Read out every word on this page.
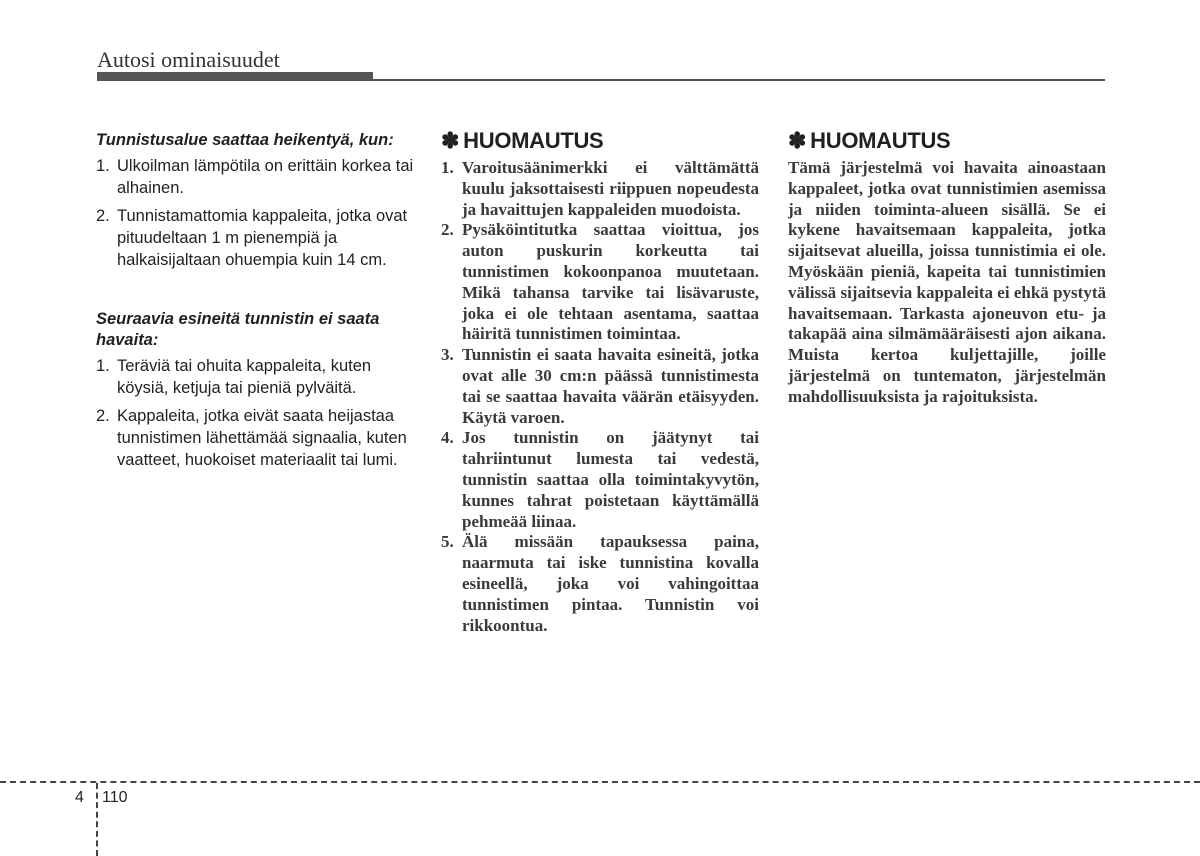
Autosi ominaisuudet
Tunnistusalue saattaa heikentyä, kun:
1. Ulkoilman lämpötila on erittäin korkea tai alhainen.
2. Tunnistamattomia kappaleita, jotka ovat pituudeltaan 1 m pienempiä ja halkaisijaltaan ohuempia kuin 14 cm.
Seuraavia esineitä tunnistin ei saata havaita:
1. Teräviä tai ohuita kappaleita, kuten köysiä, ketjuja tai pieniä pylväitä.
2. Kappaleita, jotka eivät saata heijastaa tunnistimen lähettämää signaalia, kuten vaatteet, huokoiset materiaalit tai lumi.
✽ HUOMAUTUS
1. Varoitusäänimerkki ei välttämättä kuulu jaksottaisesti riippuen nopeudesta ja havaittujen kappaleiden muodoista.
2. Pysäköintitutka saattaa vioittua, jos auton puskurin korkeutta tai tunnistimen kokoonpanoa muutetaan. Mikä tahansa tarvike tai lisävaruste, joka ei ole tehtaan asentama, saattaa häiritä tunnistimen toimintaa.
3. Tunnistin ei saata havaita esineitä, jotka ovat alle 30 cm:n päässä tunnistimesta tai se saattaa havaita väärän etäisyyden. Käytä varoen.
4. Jos tunnistin on jäätynyt tai tahriintunut lumesta tai vedestä, tunnistin saattaa olla toimintakyvytön, kunnes tahrat poistetaan käyttämällä pehmeää liinaa.
5. Älä missään tapauksessa paina, naarmuta tai iske tunnistina kovalla esineellä, joka voi vahingoittaa tunnistimen pintaa. Tunnistin voi rikkoontua.
✽ HUOMAUTUS
Tämä järjestelmä voi havaita ainoastaan kappaleet, jotka ovat tunnistimien asemissa ja niiden toiminta-alueen sisällä. Se ei kykene havaitsemaan kappaleita, jotka sijaitsevat alueilla, joissa tunnistimia ei ole. Myöskään pieniä, kapeita tai tunnistimien välissä sijaitsevia kappaleita ei ehkä pystytä havaitsemaan. Tarkasta ajoneuvon etu- ja takapää aina silmämääräisesti ajon aikana. Muista kertoa kuljettajille, joille järjestelmä on tuntematon, järjestelmän mahdollisuuksista ja rajoituksista.
4 110
